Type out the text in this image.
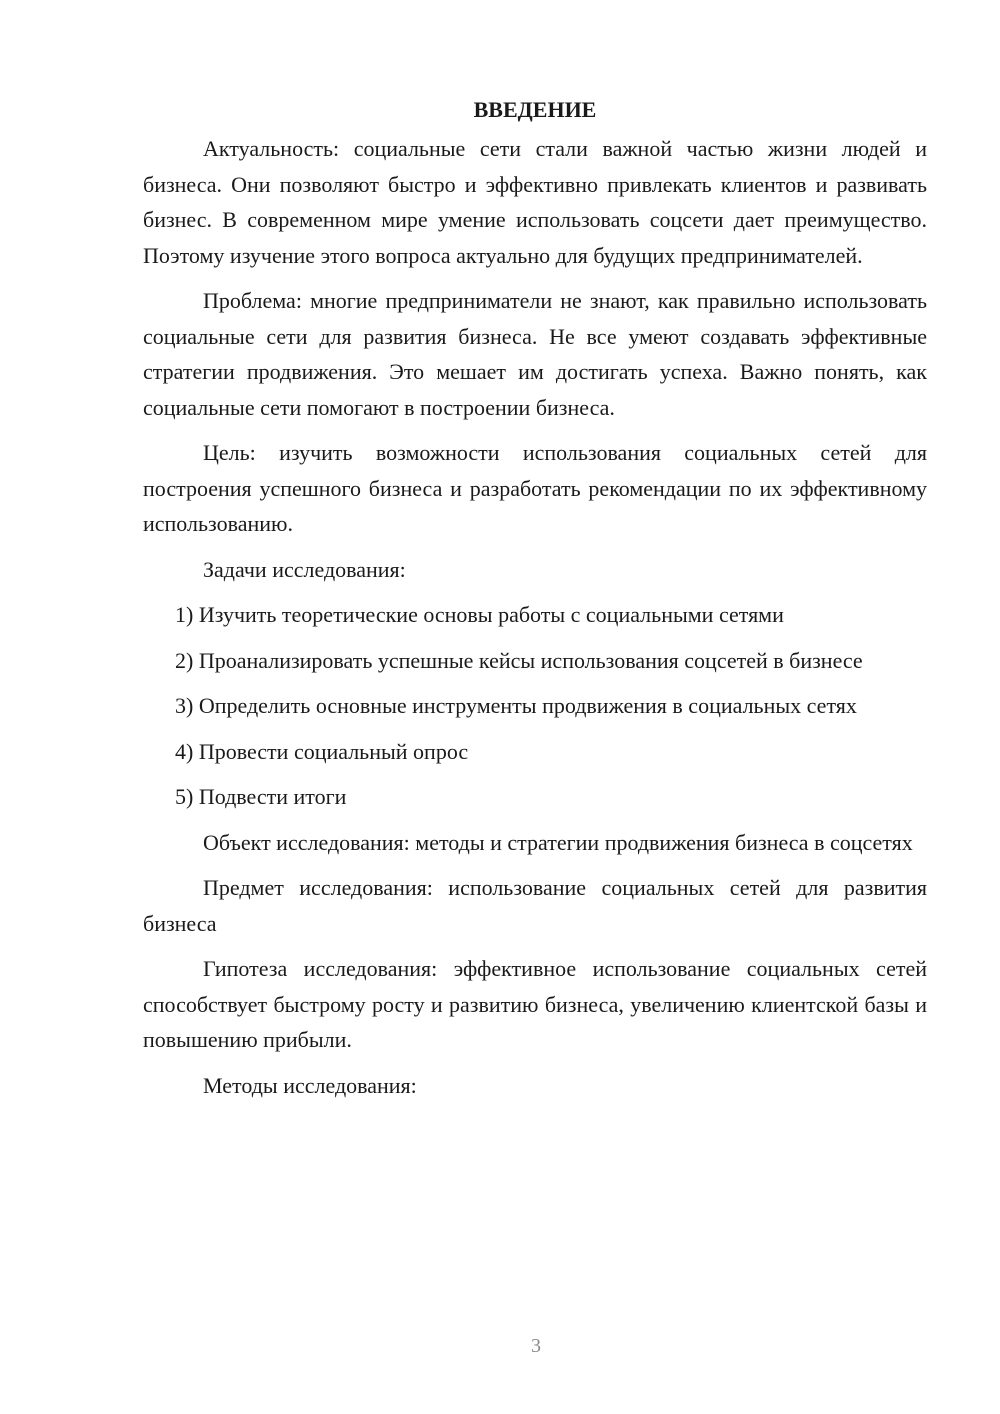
ВВЕДЕНИЕ

Актуальность: социальные сети стали важной частью жизни людей и бизнеса. Они позволяют быстро и эффективно привлекать клиентов и развивать бизнес. В современном мире умение использовать соцсети дает преимущество. Поэтому изучение этого вопроса актуально для будущих предпринимателей.

Проблема: многие предприниматели не знают, как правильно использовать социальные сети для развития бизнеса. Не все умеют создавать эффективные стратегии продвижения. Это мешает им достигать успеха. Важно понять, как социальные сети помогают в построении бизнеса.

Цель: изучить возможности использования социальных сетей для построения успешного бизнеса и разработать рекомендации по их эффективному использованию.

Задачи исследования:

1) Изучить теоретические основы работы с социальными сетями

2) Проанализировать успешные кейсы использования соцсетей в бизнесе

3) Определить основные инструменты продвижения в социальных сетях

4) Провести социальный опрос

5) Подвести итоги

Объект исследования: методы и стратегии продвижения бизнеса в соцсетях

Предмет исследования: использование социальных сетей для развития бизнеса

Гипотеза исследования: эффективное использование социальных сетей способствует быстрому росту и развитию бизнеса, увеличению клиентской базы и повышению прибыли.

Методы исследования:

3
